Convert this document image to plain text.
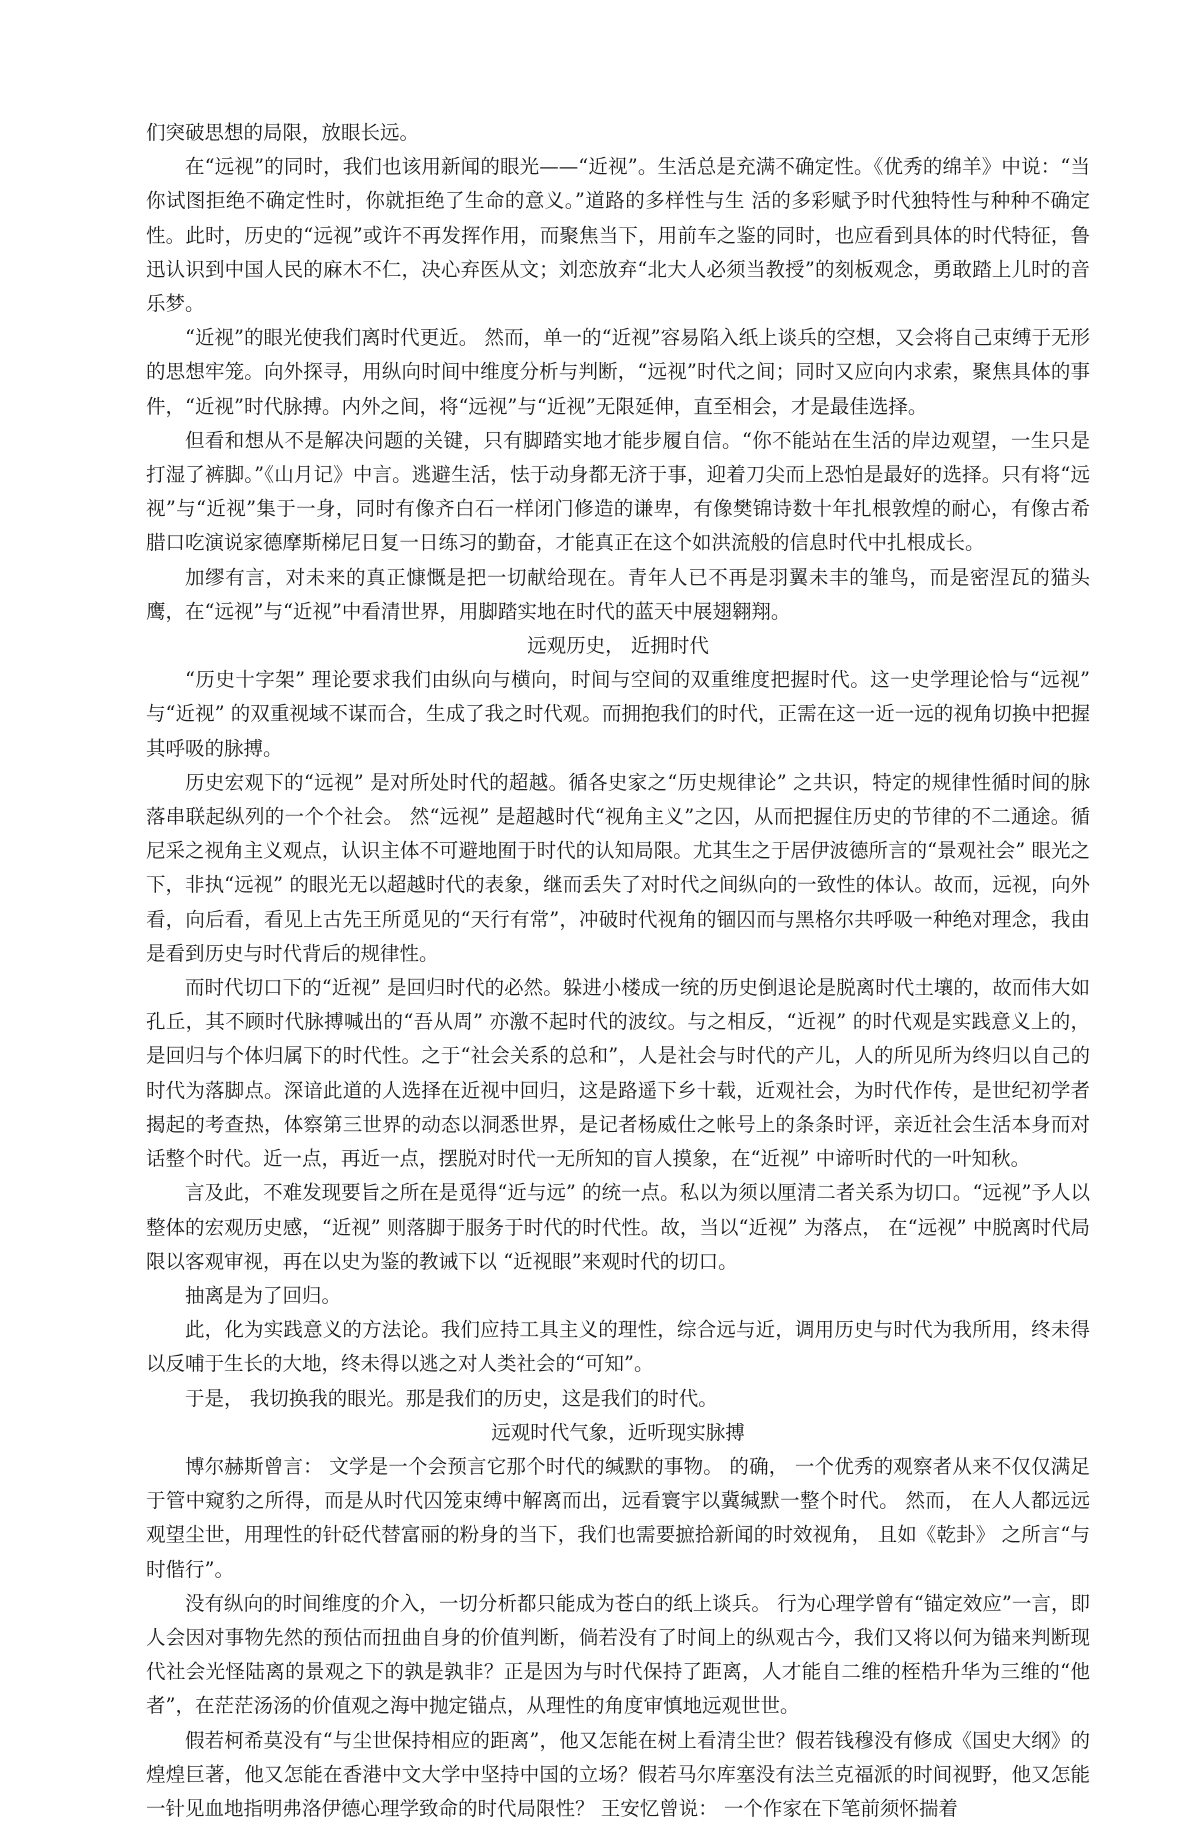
们突破思想的局限，放眼长远。

在“远视”的同时，我们也该用新闻的眼光——“近视”。生活总是充满不确定性。《优秀的绵羊》中说：“当你试图拒绝不确定性时，你就拒绝了生命的意义。”道路的多样性与生 活的多彩赋予时代独特性与种种不确定性。此时，历史的“远视”或许不再发挥作用，而聚焦当下，用前车之鉴的同时，也应看到具体的时代特征，鲁迅认识到中国人民的麻木不仁，决心弃医从文；刘恋放弃“北大人必须当教授”的刻板观念，勇敢踏上儿时的音乐梦。

“近视”的眼光使我们离时代更近。 然而，单一的“近视”容易陷入纸上谈兵的空想，又会将自己束缚于无形的思想牢笼。向外探寻，用纵向时间中维度分析与判断，“远视”时代之间；同时又应向内求索，聚焦具体的事件，“近视”时代脉搏。内外之间，将“远视”与“近视”无限延伸，直至相会，才是最佳选择。

但看和想从不是解决问题的关键，只有脚踏实地才能步履自信。“你不能站在生活的岸边观望，一生只是打湿了裤脚。”《山月记》中言。逃避生活，怯于动身都无济于事，迎着刀尖而上恐怕是最好的选择。只有将“远视”与“近视”集于一身，同时有像齐白石一样闭门修造的谦卑，有像樊锦诗数十年扎根敦煌的耐心，有像古希腊口吃演说家德摩斯梯尼日复一日练习的勤奋，才能真正在这个如洪流般的信息时代中扎根成长。

加缪有言，对未来的真正慷慨是把一切献给现在。青年人已不再是羽翼未丰的雏鸟，而是密涅瓦的猫头鹰，在“远视”与“近视”中看清世界，用脚踏实地在时代的蓝天中展翅翱翔。

远观历史， 近拥时代

“历史十字架” 理论要求我们由纵向与横向，时间与空间的双重维度把握时代。这一史学理论恰与“远视” 与“近视” 的双重视域不谋而合，生成了我之时代观。而拥抱我们的时代，正需在这一近一远的视角切换中把握其呼吸的脉搏。

历史宏观下的“远视” 是对所处时代的超越。循各史家之“历史规律论” 之共识，特定的规律性循时间的脉落串联起纵列的一个个社会。 然“远视” 是超越时代“视角主义”之囚，从而把握住历史的节律的不二通途。循尼采之视角主义观点，认识主体不可避地囿于时代的认知局限。尤其生之于居伊波德所言的“景观社会” 眼光之下，非执“远视” 的眼光无以超越时代的表象，继而丢失了对时代之间纵向的一致性的体认。故而，远视，向外看，向后看，看见上古先王所觅见的“天行有常”，冲破时代视角的锢囚而与黑格尔共呼吸一种绝对理念，我由是看到历史与时代背后的规律性。

而时代切口下的“近视” 是回归时代的必然。躲进小楼成一统的历史倒退论是脱离时代土壤的，故而伟大如孔丘，其不顾时代脉搏喊出的“吾从周” 亦激不起时代的波纹。与之相反，“近视” 的时代观是实践意义上的，是回归与个体归属下的时代性。之于“社会关系的总和”，人是社会与时代的产儿，人的所见所为终归以自己的时代为落脚点。深谙此道的人选择在近视中回归，这是路遥下乡十载，近观社会，为时代作传，是世纪初学者揭起的考查热，体察第三世界的动态以洞悉世界，是记者杨威仕之帐号上的条条时评，亲近社会生活本身而对话整个时代。近一点，再近一点，摆脱对时代一无所知的盲人摸象，在“近视” 中谛听时代的一叶知秋。

言及此，不难发现要旨之所在是觅得“近与远” 的统一点。私以为须以厘清二者关系为切口。“远视”予人以整体的宏观历史感，“近视” 则落脚于服务于时代的时代性。故，当以“近视” 为落点， 在“远视” 中脱离时代局限以客观审视，再在以史为鉴的教诫下以 “近视眼”来观时代的切口。

抽离是为了回归。

此，化为实践意义的方法论。我们应持工具主义的理性，综合远与近，调用历史与时代为我所用，终未得以反哺于生长的大地，终未得以逃之对人类社会的“可知”。

于是， 我切换我的眼光。那是我们的历史，这是我们的时代。

远观时代气象，近听现实脉搏

博尔赫斯曾言： 文学是一个会预言它那个时代的缄默的事物。 的确， 一个优秀的观察者从来不仅仅满足于管中窥豹之所得，而是从时代囚笼束缚中解离而出，远看寰宇以冀缄默一整个时代。 然而， 在人人都远远观望尘世，用理性的针砭代替富丽的粉身的当下，我们也需要摭拾新闻的时效视角， 且如《乾卦》 之所言“与时偕行”。

没有纵向的时间维度的介入，一切分析都只能成为苍白的纸上谈兵。 行为心理学曾有“锚定效应”一言，即人会因对事物先然的预估而扭曲自身的价值判断，倘若没有了时间上的纵观古今，我们又将以何为锚来判断现代社会光怪陆离的景观之下的孰是孰非？正是因为与时代保持了距离，人才能自二维的桎梏升华为三维的“他者”，在茫茫汤汤的价值观之海中抛定锚点，从理性的角度审慎地远观世世。

假若柯希莫没有“与尘世保持相应的距离”，他又怎能在树上看清尘世？假若钱穆没有修成《国史大纲》的煌煌巨著，他又怎能在香港中文大学中坚持中国的立场？假若马尔库塞没有法兰克福派的时间视野，他又怎能一针见血地指明弗洛伊德心理学致命的时代局限性？ 王安忆曾说： 一个作家在下笔前须怀揣着
